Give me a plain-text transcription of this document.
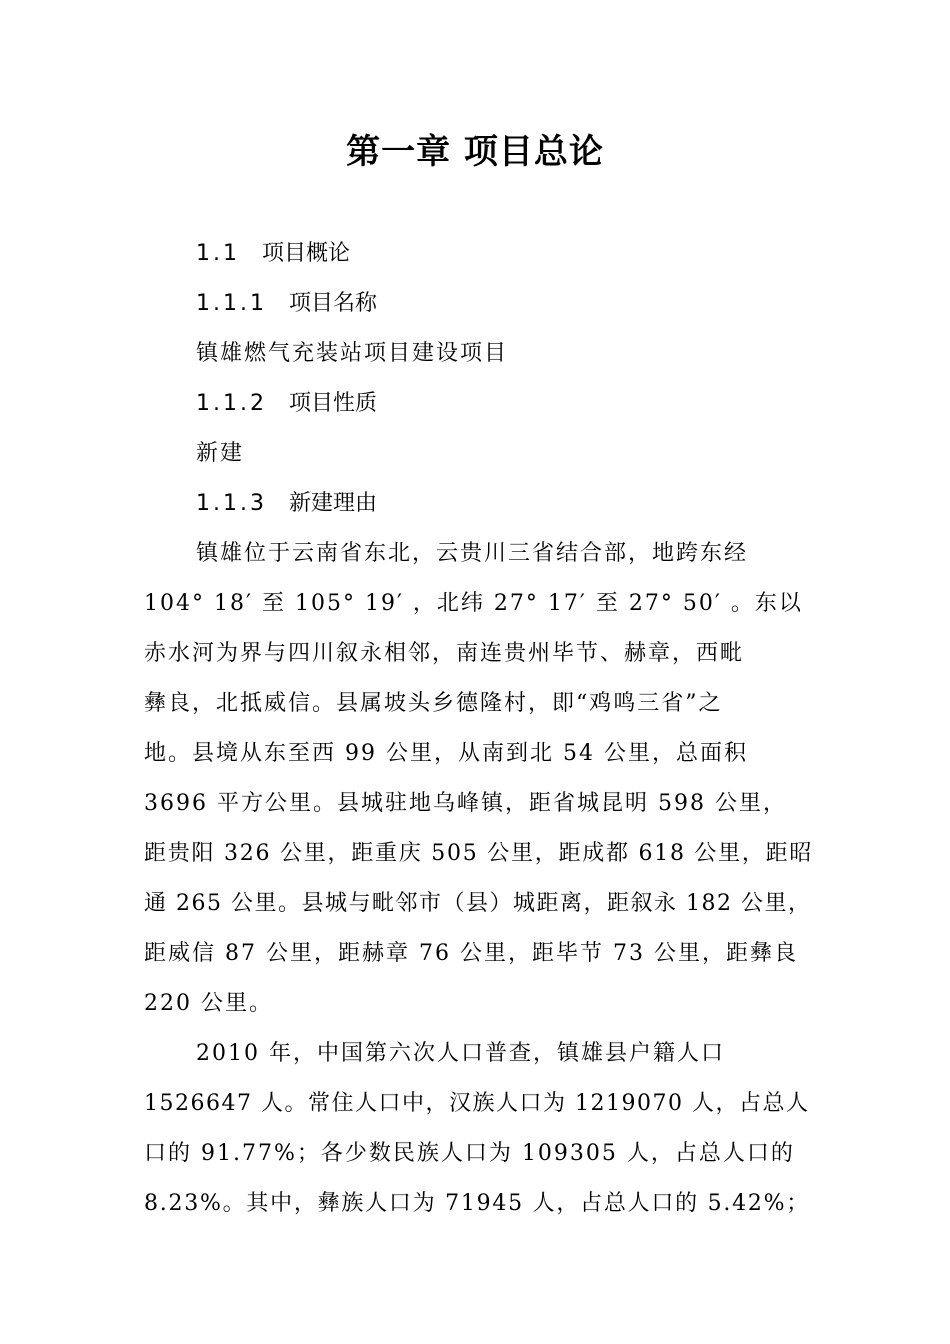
第一章 项目总论
1.1 项目概论
1.1.1 项目名称
镇雄燃气充装站项目建设项目
1.1.2 项目性质
新建
1.1.3 新建理由
镇雄位于云南省东北，云贵川三省结合部，地跨东经
104° 18′ 至 105° 19′ ，北纬 27° 17′ 至 27° 50′ 。东以
赤水河为界与四川叙永相邻，南连贵州毕节、赫章，西毗
彝良，北抵威信。县属坡头乡德隆村，即“鸡鸣三省”之
地。县境从东至西 99 公里，从南到北 54 公里，总面积
3696 平方公里。县城驻地乌峰镇，距省城昆明 598 公里，
距贵阳 326 公里，距重庆 505 公里，距成都 618 公里，距昭
通 265 公里。县城与毗邻市（县）城距离，距叙永 182 公里，
距威信 87 公里，距赫章 76 公里，距毕节 73 公里，距彝良
220 公里。
2010 年，中国第六次人口普查，镇雄县户籍人口
1526647 人。常住人口中，汉族人口为 1219070 人，占总人
口的 91.77%；各少数民族人口为 109305 人，占总人口的
8.23%。其中，彝族人口为 71945 人，占总人口的 5.42%；
